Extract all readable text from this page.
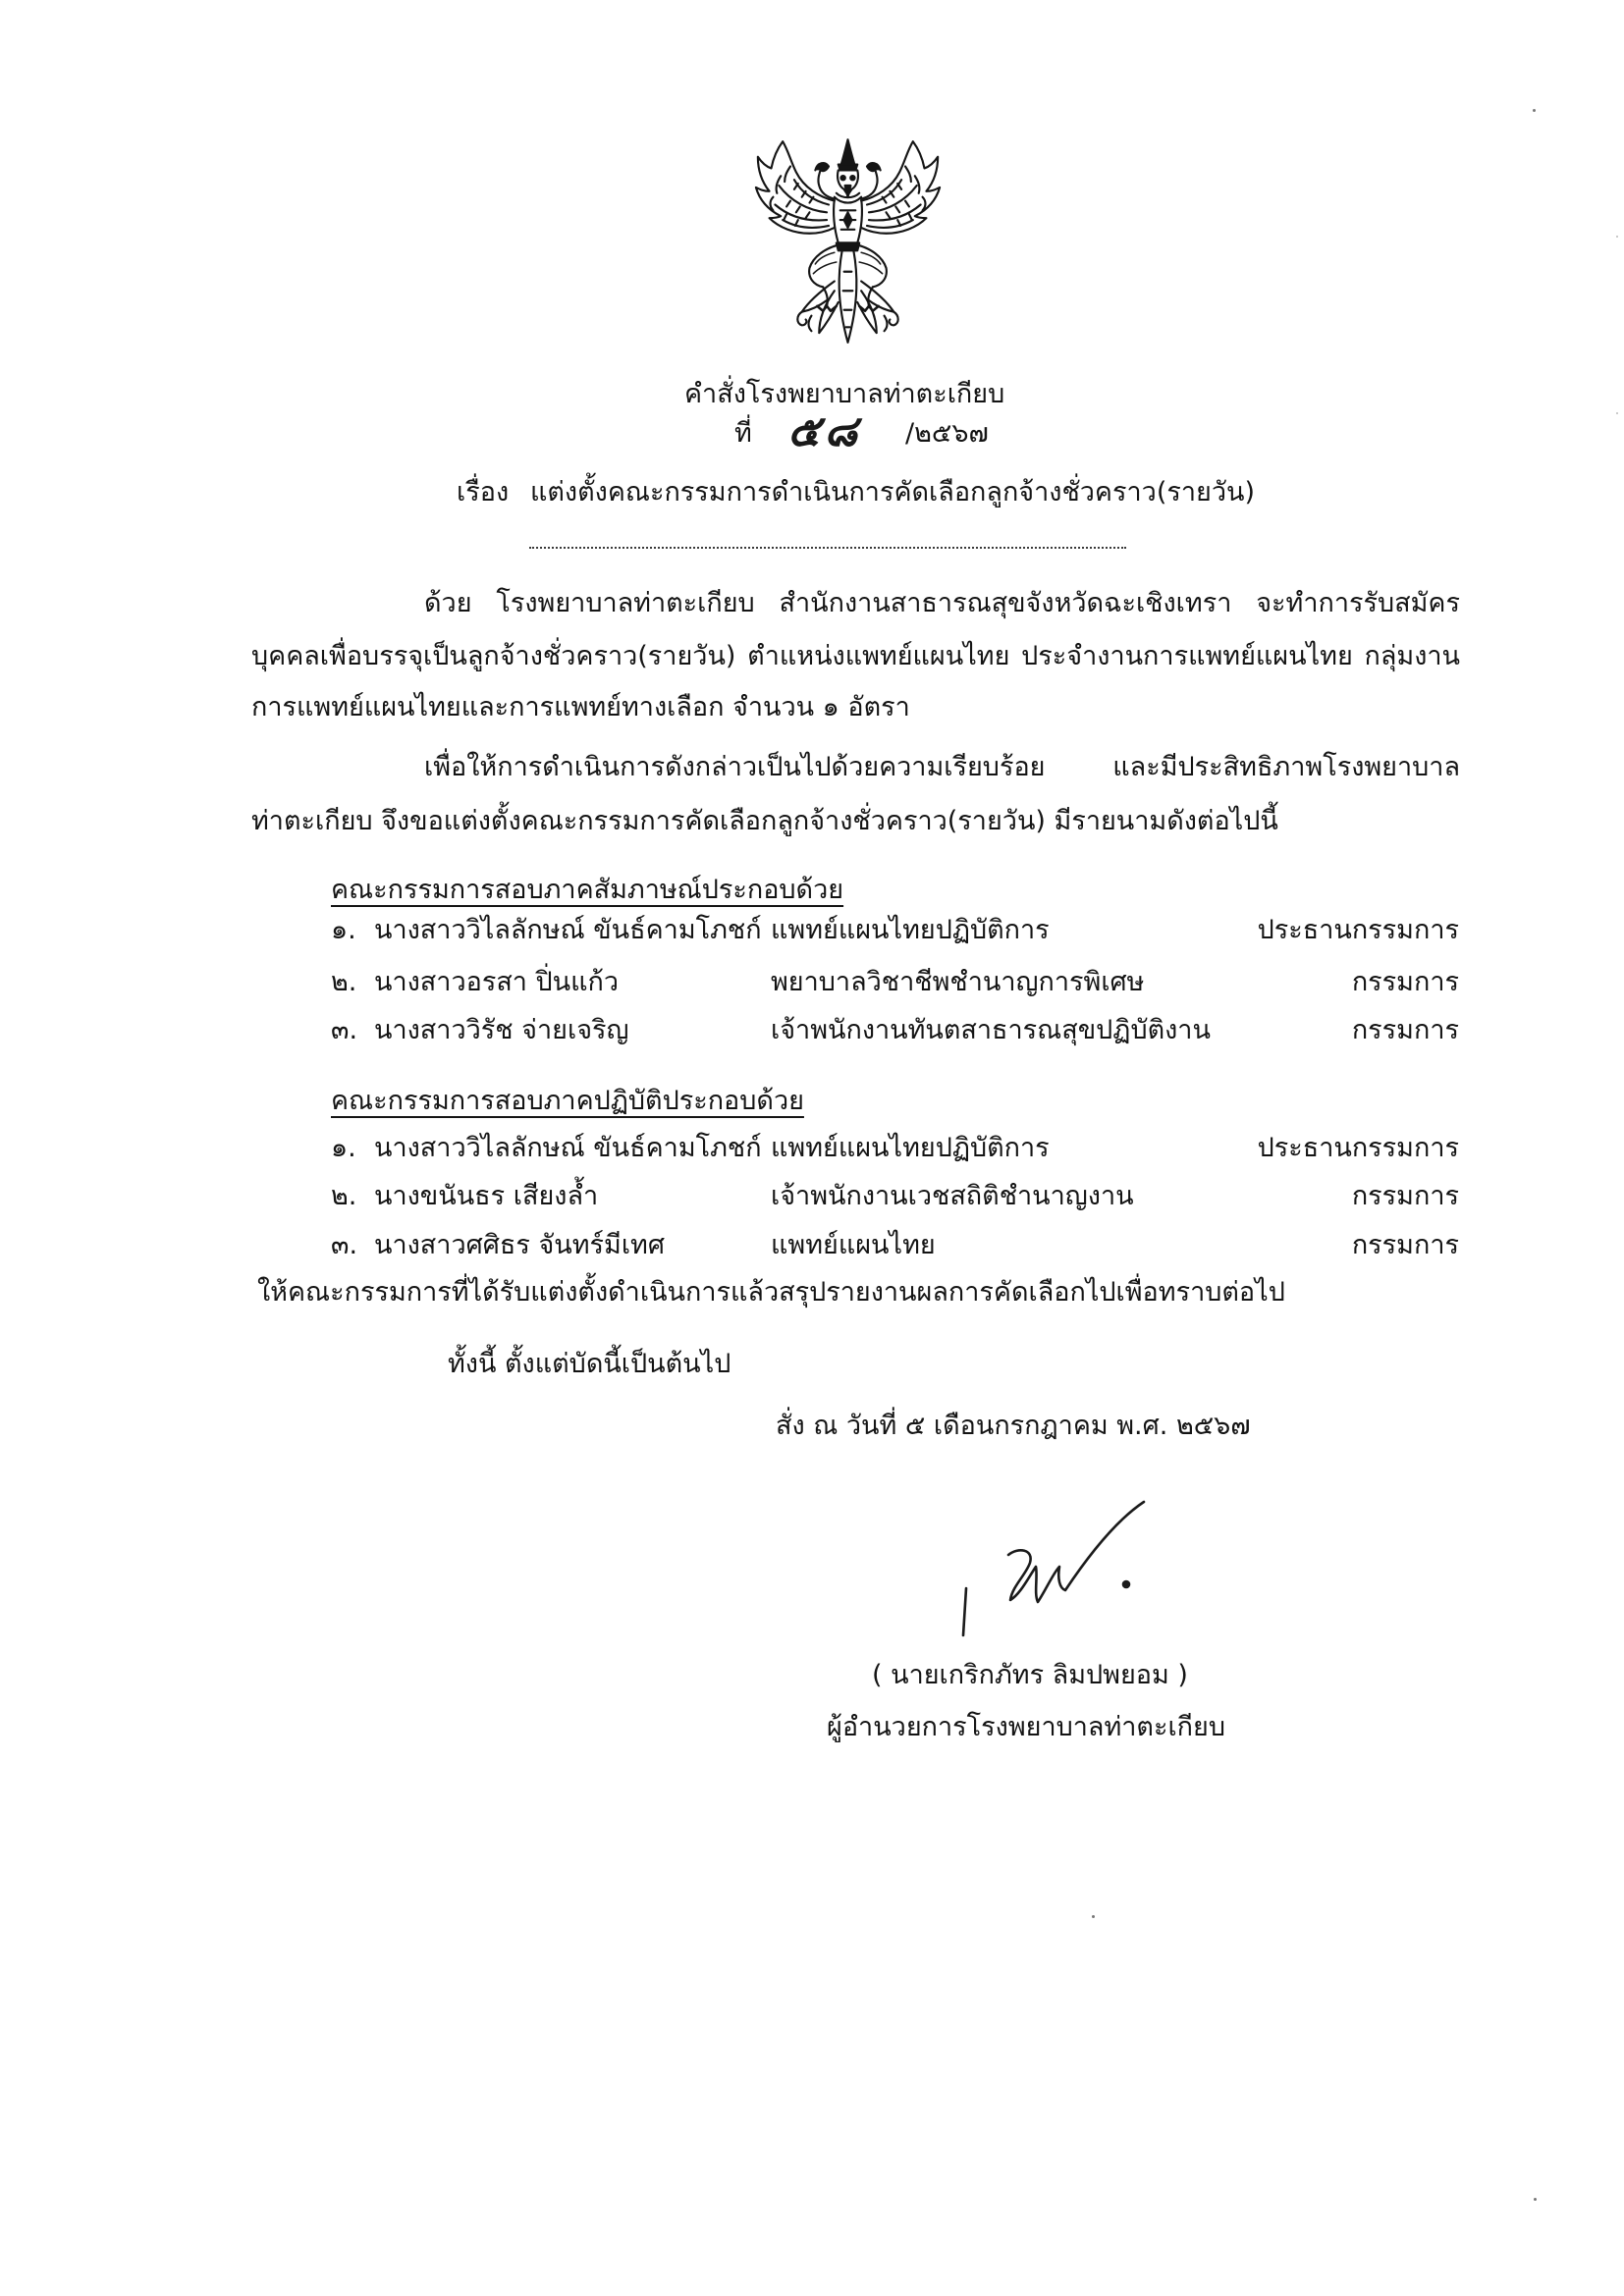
คำสั่งโรงพยาบาลท่าตะเกียบ
ที่ ๕๘	/๒๕๖๗
เรื่อง แต่งตั้งคณะกรรมการดำเนินการคัดเลือกลูกจ้างชั่วคราว(รายวัน)
ด้วย โรงพยาบาลท่าตะเกียบ สำนักงานสาธารณสุขจังหวัดฉะเชิงเทรา จะทำการรับสมัคร
บุคคลเพื่อบรรจุเป็นลูกจ้างชั่วคราว(รายวัน) ตำแหน่งแพทย์แผนไทย ประจำงานการแพทย์แผนไทย กลุ่มงาน
การแพทย์แผนไทยและการแพทย์ทางเลือก จำนวน ๑ อัตรา
เพื่อให้การดำเนินการดังกล่าวเป็นไปด้วยความเรียบร้อย และมีประสิทธิภาพโรงพยาบาล
ท่าตะเกียบ จึงขอแต่งตั้งคณะกรรมการคัดเลือกลูกจ้างชั่วคราว(รายวัน) มีรายนามดังต่อไปนี้
คณะกรรมการสอบภาคสัมภาษณ์ประกอบด้วย
๑. นางสาววิไลลักษณ์ ขันธ์คามโภชก์ แพทย์แผนไทยปฏิบัติการ	ประธานกรรมการ
๒. นางสาวอรสา ปิ่นแก้ว	พยาบาลวิชาชีพชำนาญการพิเศษ	กรรมการ
๓. นางสาววิรัช จ่ายเจริญ	เจ้าพนักงานทันตสาธารณสุขปฏิบัติงาน	กรรมการ
คณะกรรมการสอบภาคปฏิบัติประกอบด้วย
๑. นางสาววิไลลักษณ์ ขันธ์คามโภชก์ แพทย์แผนไทยปฏิบัติการ	ประธานกรรมการ
๒. นางขนันธร เสียงล้ำ	เจ้าพนักงานเวชสถิติชำนาญงาน	กรรมการ
๓. นางสาวศศิธร จันทร์มีเทศ	แพทย์แผนไทย	กรรมการ
ให้คณะกรรมการที่ได้รับแต่งตั้งดำเนินการแล้วสรุปรายงานผลการคัดเลือกไปเพื่อทราบต่อไป
ทั้งนี้ ตั้งแต่บัดนี้เป็นต้นไป
สั่ง ณ วันที่ ๕ เดือนกรกฎาคม พ.ศ. ๒๕๖๗
( นายเกริกภัทร ลิมปพยอม )
ผู้อำนวยการโรงพยาบาลท่าตะเกียบ
